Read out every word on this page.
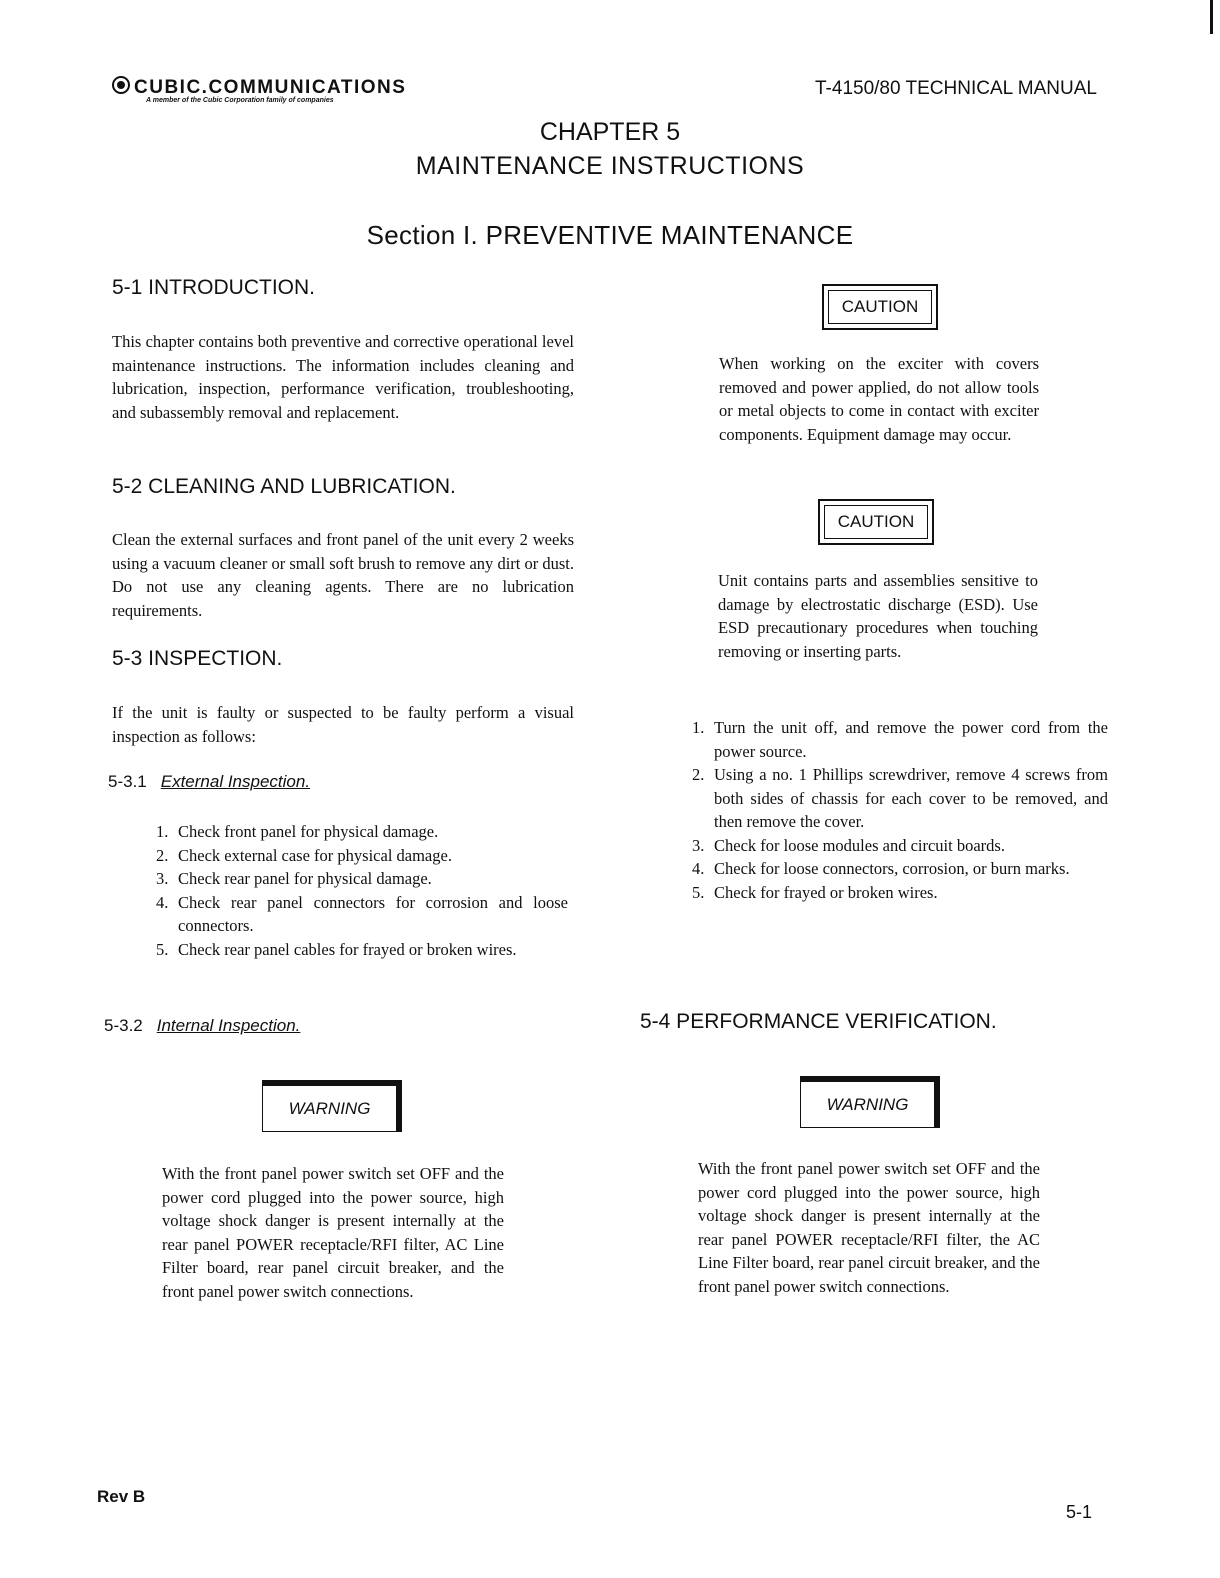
CUBIC.COMMUNICATIONS
A member of the Cubic Corporation family of companies
T-4150/80 TECHNICAL MANUAL
CHAPTER 5
MAINTENANCE INSTRUCTIONS
Section I. PREVENTIVE MAINTENANCE
5-1 INTRODUCTION.
This chapter contains both preventive and corrective operational level maintenance instructions. The information includes cleaning and lubrication, inspection, performance verification, troubleshooting, and subassembly removal and replacement.
5-2 CLEANING AND LUBRICATION.
Clean the external surfaces and front panel of the unit every 2 weeks using a vacuum cleaner or small soft brush to remove any dirt or dust. Do not use any cleaning agents. There are no lubrication requirements.
5-3 INSPECTION.
If the unit is faulty or suspected to be faulty perform a visual inspection as follows:
5-3.1 External Inspection.
1. Check front panel for physical damage.
2. Check external case for physical damage.
3. Check rear panel for physical damage.
4. Check rear panel connectors for corrosion and loose connectors.
5. Check rear panel cables for frayed or broken wires.
5-3.2 Internal Inspection.
WARNING
With the front panel power switch set OFF and the power cord plugged into the power source, high voltage shock danger is present internally at the rear panel POWER receptacle/RFI filter, AC Line Filter board, rear panel circuit breaker, and the front panel power switch connections.
CAUTION
When working on the exciter with covers removed and power applied, do not allow tools or metal objects to come in contact with exciter components. Equipment damage may occur.
CAUTION
Unit contains parts and assemblies sensitive to damage by electrostatic discharge (ESD). Use ESD precautionary procedures when touching removing or inserting parts.
1. Turn the unit off, and remove the power cord from the power source.
2. Using a no. 1 Phillips screwdriver, remove 4 screws from both sides of chassis for each cover to be removed, and then remove the cover.
3. Check for loose modules and circuit boards.
4. Check for loose connectors, corrosion, or burn marks.
5. Check for frayed or broken wires.
5-4 PERFORMANCE VERIFICATION.
WARNING
With the front panel power switch set OFF and the power cord plugged into the power source, high voltage shock danger is present internally at the rear panel POWER receptacle/RFI filter, the AC Line Filter board, rear panel circuit breaker, and the front panel power switch connections.
Rev B
5-1
